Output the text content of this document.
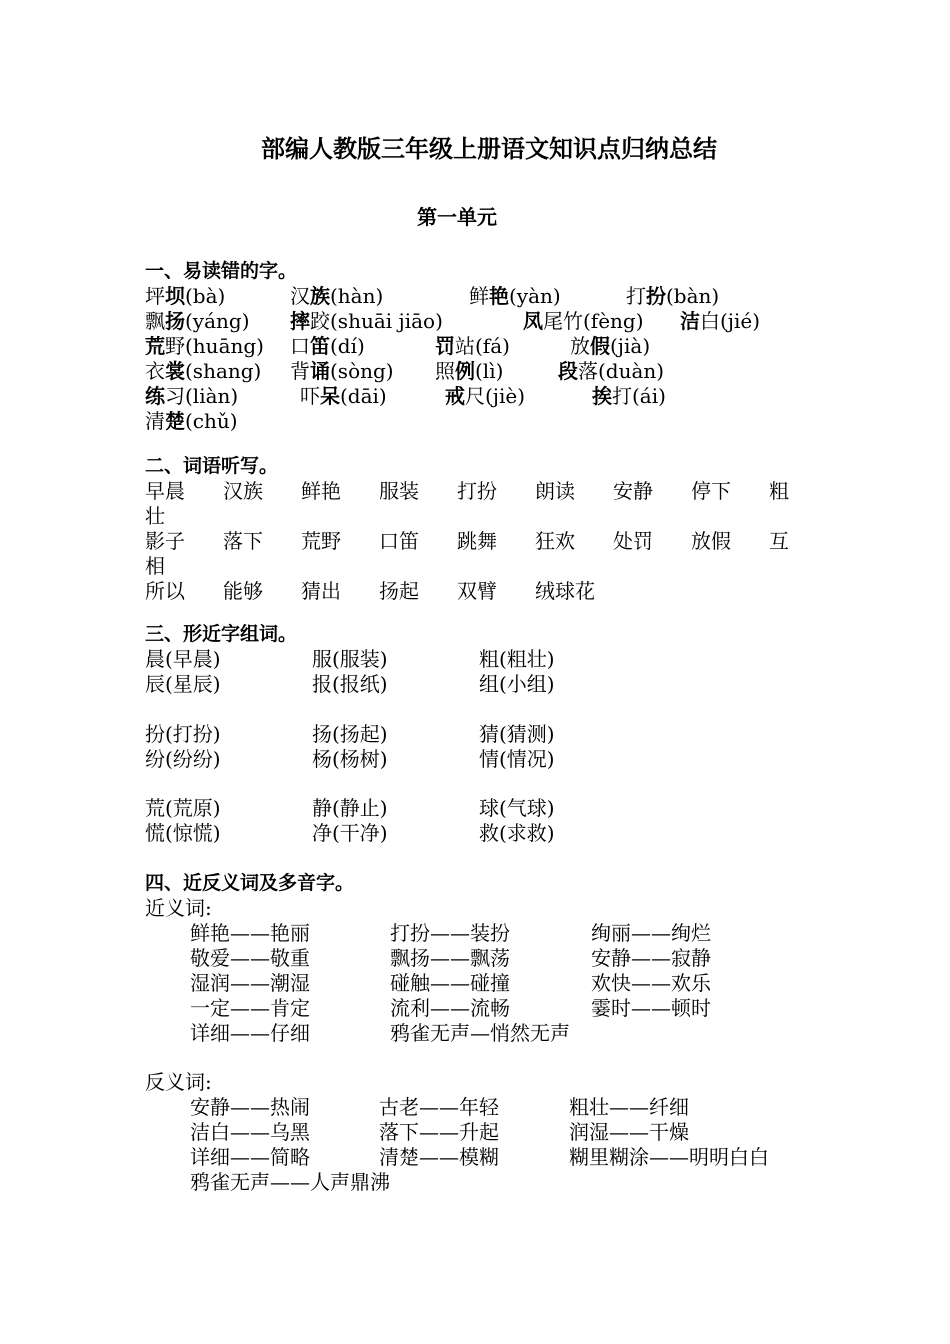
部编人教版三年级上册语文知识点归纳总结
第一单元
一、易读错的字。
坪坝(bà)	汉族(hàn)	鲜艳(yàn)	打扮(bàn)
飘扬(yáng) 摔跤(shuāi jiāo)	凤尾竹(fèng) 洁白(jié)
荒野(huāng) 口笛(dí)	罚站(fá)	放假(jià)
衣裳(shang) 背诵(sòng) 照例(lì)	段落(duàn)
练习(liàn)	吓呆(dāi)	戒尺(jiè)	挨打(ái)
清楚(chǔ)
二、词语听写。
早晨 汉族 鲜艳 服装 打扮 朗读 安静 停下 粗
壮
影子 落下 荒野 口笛 跳舞 狂欢 处罚 放假 互
相
所以 能够 猜出 扬起 双臂 绒球花
三、形近字组词。
晨(早晨)	服(服装)	粗(粗壮)
辰(星辰)	报(报纸)	组(小组)
扮(打扮)	扬(扬起)	猜(猜测)
纷(纷纷)	杨(杨树)	情(情况)
荒(荒原)	静(静止)	球(气球)
慌(惊慌)	净(干净)	救(求救)
四、近反义词及多音字。
近义词:
鲜艳——艳丽	打扮——装扮	绚丽——绚烂
敬爱——敬重	飘扬——飘荡	安静——寂静
湿润——潮湿	碰触——碰撞	欢快——欢乐
一定——肯定	流利——流畅	霎时——顿时
详细——仔细	鸦雀无声—悄然无声
反义词:
安静——热闹	古老——年轻	粗壮——纤细
洁白——乌黑	落下——升起	润湿——干燥
详细——简略	清楚——模糊	糊里糊涂——明明白白
鸦雀无声——人声鼎沸
